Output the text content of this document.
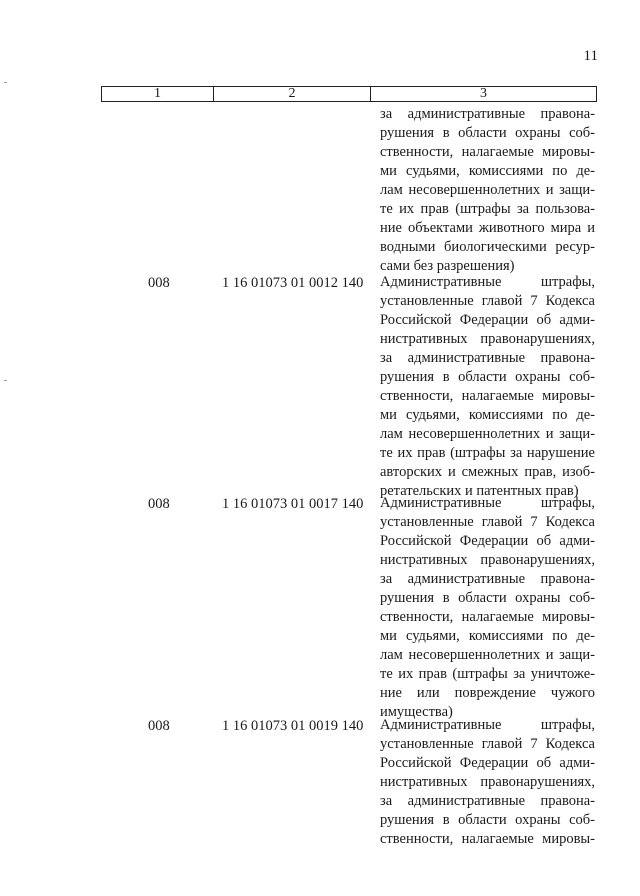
11
1	2	3
за административные правона-
рушения в области охраны соб-
ственности, налагаемые мировы-
ми судьями, комиссиями по де-
лам несовершеннолетних и защи-
те их прав (штрафы за пользова-
ние объектами животного мира и
водными биологическими ресур-
сами без разрешения)
008	1 16 01073 01 0012 140 Административные штрафы,
установленные главой 7 Кодекса
Российской Федерации об адми-
нистративных правонарушениях,
за административные правона-
рушения в области охраны соб-
ственности, налагаемые мировы-
ми судьями, комиссиями по де-
лам несовершеннолетних и защи-
те их прав (штрафы за нарушение
авторских и смежных прав, изоб-
ретательских и патентных прав)
008	1 16 01073 01 0017 140 Административные штрафы,
установленные главой 7 Кодекса
Российской Федерации об адми-
нистративных правонарушениях,
за административные правона-
рушения в области охраны соб-
ственности, налагаемые мировы-
ми судьями, комиссиями по де-
лам несовершеннолетних и защи-
те их прав (штрафы за уничтоже-
ние или повреждение чужого
имущества)
008	1 16 01073 01 0019 140 Административные штрафы,
установленные главой 7 Кодекса
Российской Федерации об адми-
нистративных правонарушениях,
за административные правона-
рушения в области охраны соб-
ственности, налагаемые мировы-
